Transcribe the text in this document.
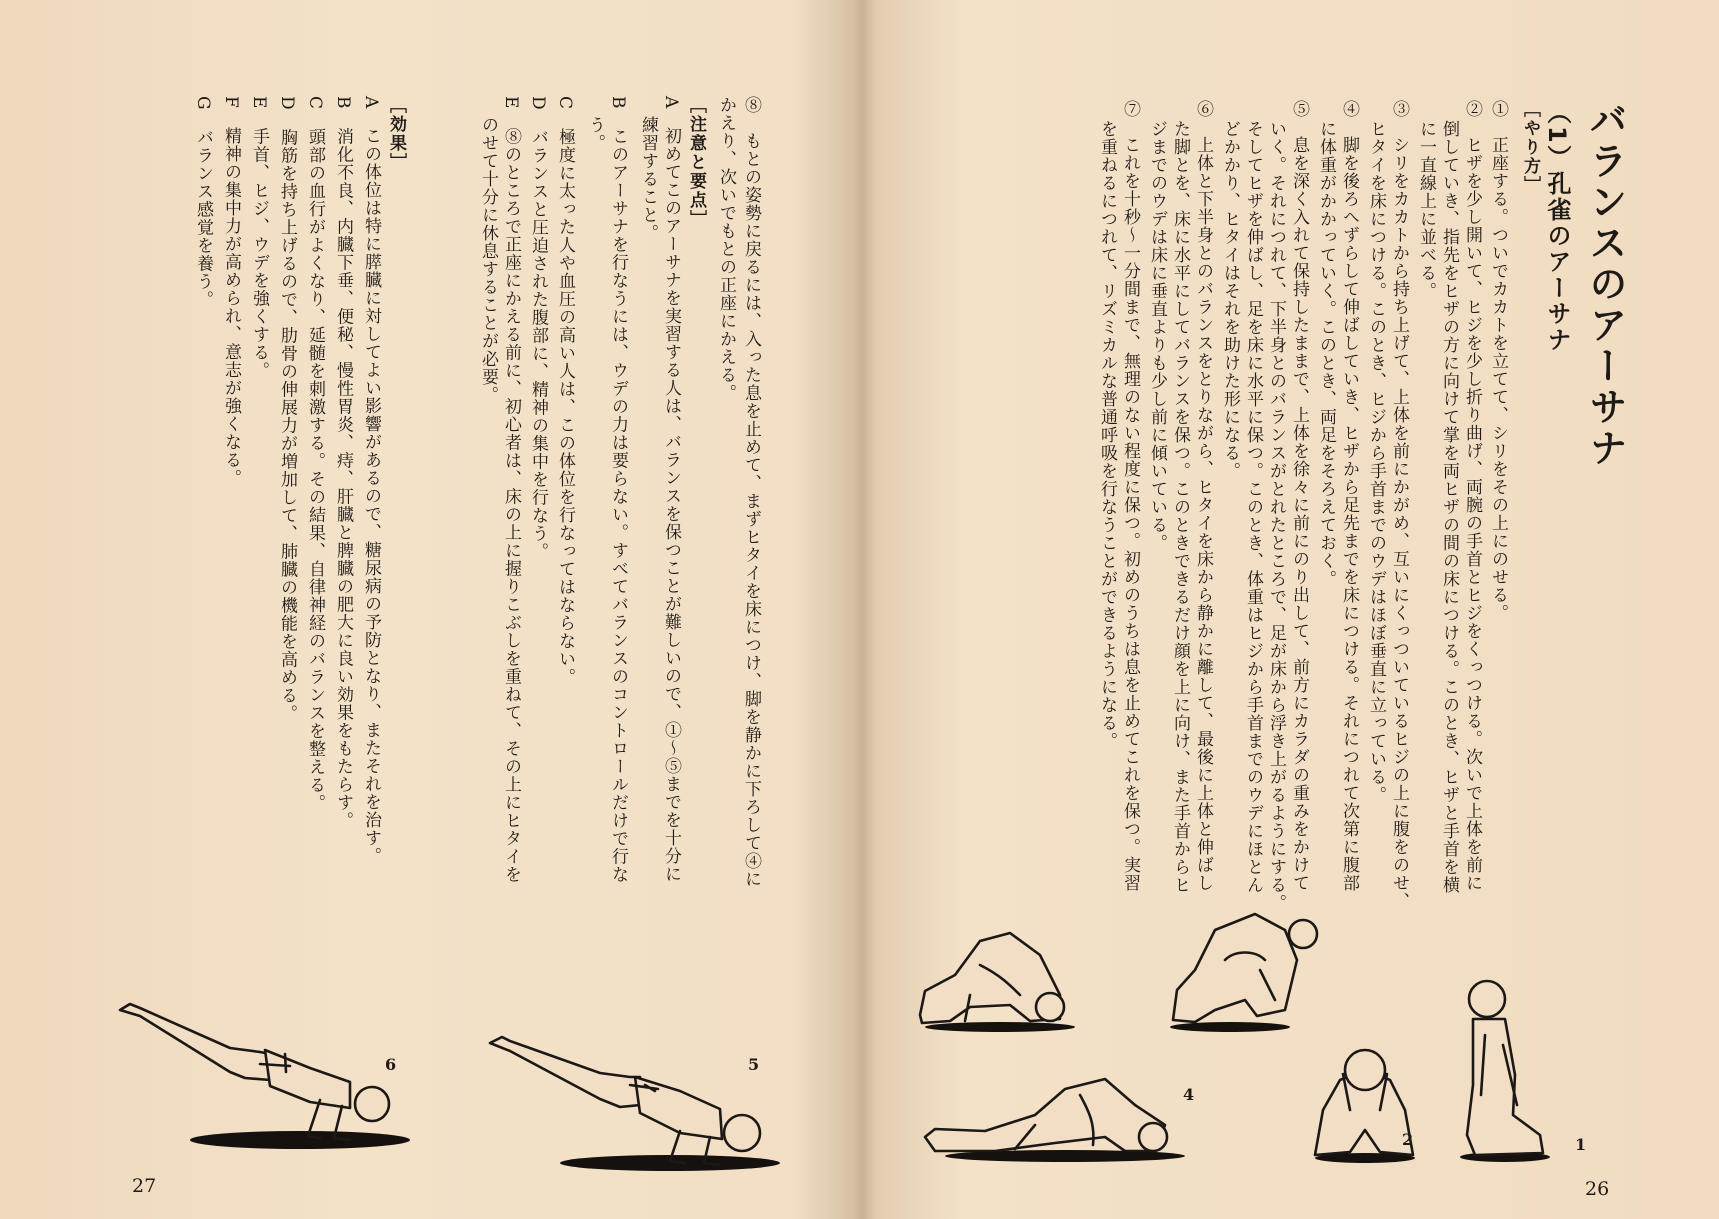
⑧　もとの姿勢に戻るには、入った息を止めて、まずヒタイを床につけ、脚を静かに下ろして④に
かえり、次いでもとの正座にかえる。
［注意と要点］
A　初めてこのアーサナを実習する人は、バランスを保つことが難しいので、①〜⑤までを十分に
練習すること。
B　このアーサナを行なうには、ウデの力は要らない。すべてバランスのコントロールだけで行な
う。
C　極度に太った人や血圧の高い人は、この体位を行なってはならない。
D　バランスと圧迫された腹部に、精神の集中を行なう。
E　⑧のところで正座にかえる前に、初心者は、床の上に握りこぶしを重ねて、その上にヒタイを
のせて十分に休息することが必要。
［効果］
A　この体位は特に膵臓に対してよい影響があるので、糖尿病の予防となり、またそれを治す。
B　消化不良、内臓下垂、便秘、慢性胃炎、痔、肝臓と脾臓の肥大に良い効果をもたらす。
C　頭部の血行がよくなり、延髄を刺激する。その結果、自律神経のバランスを整える。
D　胸筋を持ち上げるので、肋骨の伸展力が増加して、肺臓の機能を高める。
E　手首、ヒジ、ウデを強くする。
F　精神の集中力が高められ、意志が強くなる。
G　バランス感覚を養う。
6	5
27
バランスのアーサナ
（1）孔雀のアーサナ
［やり方］
①　正座する。ついでカカトを立てて、シリをその上にのせる。
②　ヒザを少し開いて、ヒジを少し折り曲げ、両腕の手首とヒジをくっつける。次いで上体を前に
倒していき、指先をヒザの方に向けて掌を両ヒザの間の床につける。このとき、ヒザと手首を横
に一直線上に並べる。
③　シリをカカトから持ち上げて、上体を前にかがめ、互いにくっついているヒジの上に腹をのせ、
ヒタイを床につける。このとき、ヒジから手首までのウデはほぼ垂直に立っている。
④　脚を後ろへずらして伸ばしていき、ヒザから足先までを床につける。それにつれて次第に腹部
に体重がかかっていく。このとき、両足をそろえておく。
⑤　息を深く入れて保持したままで、上体を徐々に前にのり出して、前方にカラダの重みをかけて
いく。それにつれて、下半身とのバランスがとれたところで、足が床から浮き上がるようにする。
そしてヒザを伸ばし、足を床に水平に保つ。このとき、体重はヒジから手首までのウデにほとん
どかかり、ヒタイはそれを助けた形になる。
⑥　上体と下半身とのバランスをとりながら、ヒタイを床から静かに離して、最後に上体と伸ばし
た脚とを、床に水平にしてバランスを保つ。このときできるだけ顔を上に向け、また手首からヒ
ジまでのウデは床に垂直よりも少し前に傾いている。
⑦　これを十秒〜一分間まで、無理のない程度に保つ。初めのうちは息を止めてこれを保つ。実習
を重ねるにつれて、リズミカルな普通呼吸を行なうことができるようになる。
4
2	1
26
